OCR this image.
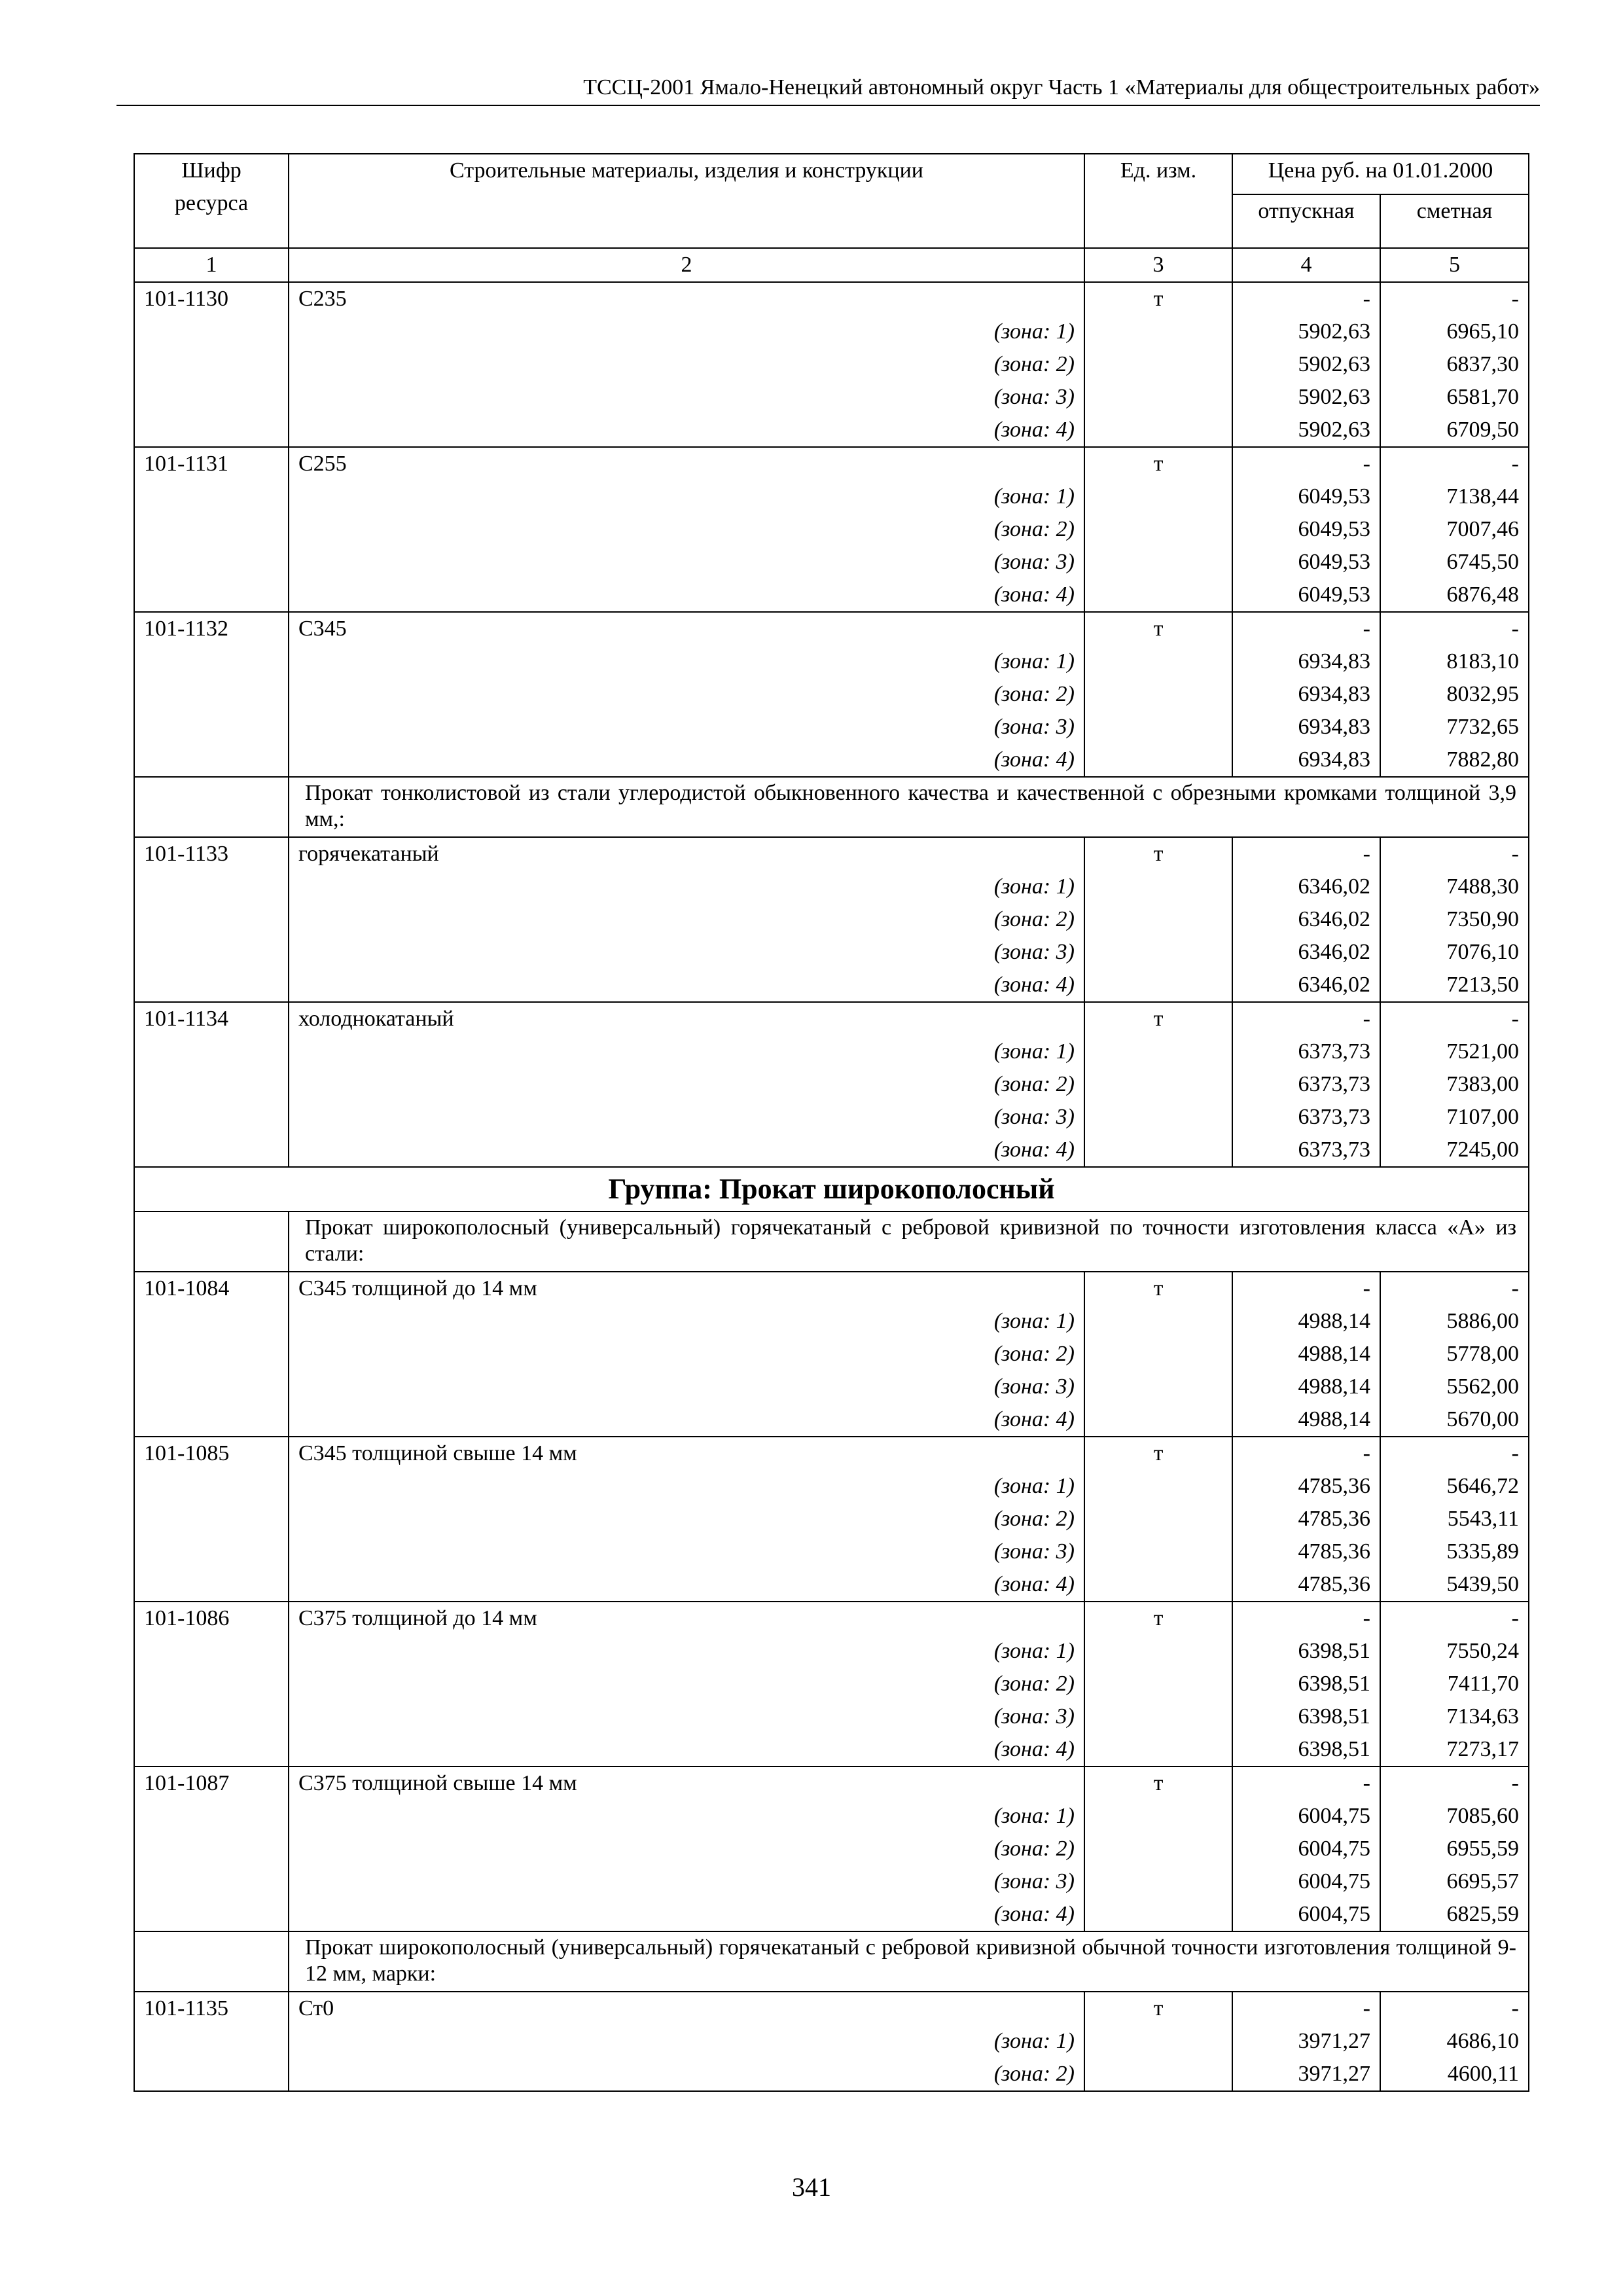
ТССЦ-2001 Ямало-Ненецкий автономный округ Часть 1 «Материалы для общестроительных работ»
Шифр ресурса	Строительные материалы, изделия и конструкции	Ед. изм.	Цена руб. на 01.01.2000	
			отпускная	сметная
1	2	3	4	5
101-1130	С235	т	-	-
	(зона: 1)		5902,63	6965,10
	(зона: 2)		5902,63	6837,30
	(зона: 3)		5902,63	6581,70
	(зона: 4)		5902,63	6709,50
101-1131	С255	т	-	-
	(зона: 1)		6049,53	7138,44
	(зона: 2)		6049,53	7007,46
	(зона: 3)		6049,53	6745,50
	(зона: 4)		6049,53	6876,48
101-1132	С345	т	-	-
	(зона: 1)		6934,83	8183,10
	(зона: 2)		6934,83	8032,95
	(зона: 3)		6934,83	7732,65
	(зона: 4)		6934,83	7882,80
	Прокат тонколистовой из стали углеродистой обыкновенного качества и качественной с обрезными кромками толщиной 3,9 мм,:			
101-1133	горячекатаный	т	-	-
	(зона: 1)		6346,02	7488,30
	(зона: 2)		6346,02	7350,90
	(зона: 3)		6346,02	7076,10
	(зона: 4)		6346,02	7213,50
101-1134	холоднокатаный	т	-	-
	(зона: 1)		6373,73	7521,00
	(зона: 2)		6373,73	7383,00
	(зона: 3)		6373,73	7107,00
	(зона: 4)		6373,73	7245,00
Группа: Прокат широкополосный				
	Прокат широкополосный (универсальный) горячекатаный с ребровой кривизной по точности изготовления класса «А» из стали:			
101-1084	С345 толщиной до 14 мм	т	-	-
	(зона: 1)		4988,14	5886,00
	(зона: 2)		4988,14	5778,00
	(зона: 3)		4988,14	5562,00
	(зона: 4)		4988,14	5670,00
101-1085	С345 толщиной свыше 14 мм	т	-	-
	(зона: 1)		4785,36	5646,72
	(зона: 2)		4785,36	5543,11
	(зона: 3)		4785,36	5335,89
	(зона: 4)		4785,36	5439,50
101-1086	С375 толщиной до 14 мм	т	-	-
	(зона: 1)		6398,51	7550,24
	(зона: 2)		6398,51	7411,70
	(зона: 3)		6398,51	7134,63
	(зона: 4)		6398,51	7273,17
101-1087	С375 толщиной свыше 14 мм	т	-	-
	(зона: 1)		6004,75	7085,60
	(зона: 2)		6004,75	6955,59
	(зона: 3)		6004,75	6695,57
	(зона: 4)		6004,75	6825,59
	Прокат широкополосный (универсальный) горячекатаный с ребровой кривизной обычной точности изготовления толщиной 9-12 мм, марки:			
101-1135	Ст0	т	-	-
	(зона: 1)		3971,27	4686,10
	(зона: 2)		3971,27	4600,11
341
